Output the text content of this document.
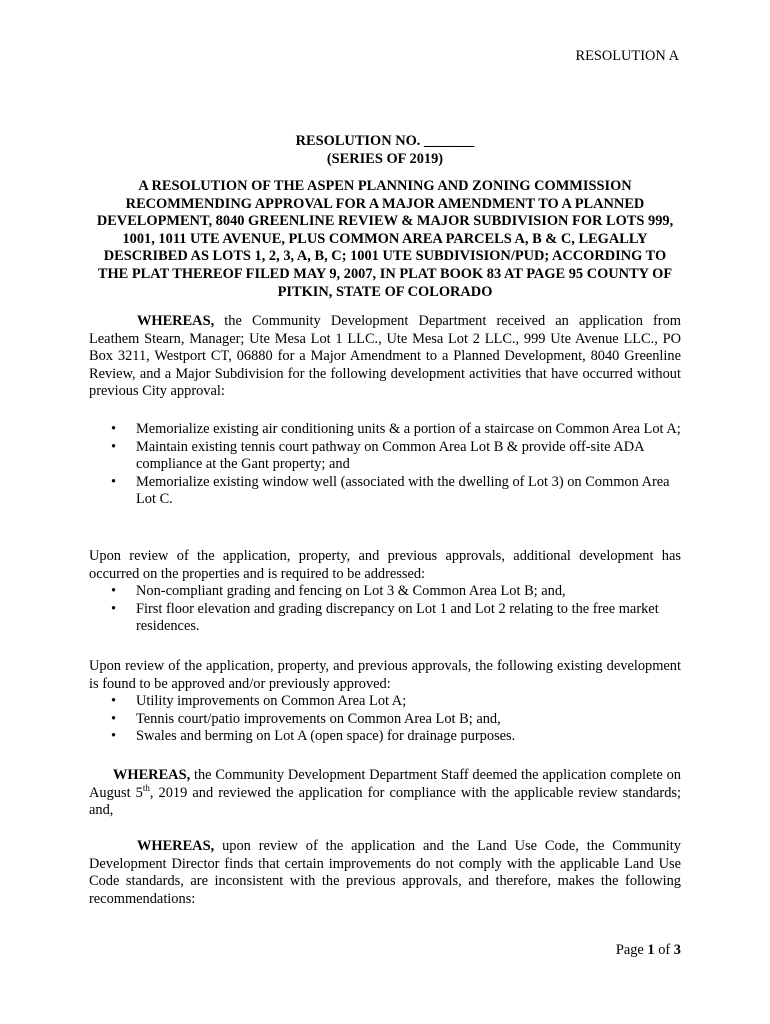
RESOLUTION A
RESOLUTION NO. _______
(SERIES OF 2019)
A RESOLUTION OF THE ASPEN PLANNING AND ZONING COMMISSION RECOMMENDING APPROVAL FOR A MAJOR AMENDMENT TO A PLANNED DEVELOPMENT, 8040 GREENLINE REVIEW & MAJOR SUBDIVISION FOR LOTS 999, 1001, 1011 UTE AVENUE, PLUS COMMON AREA PARCELS A, B & C, LEGALLY DESCRIBED AS LOTS 1, 2, 3, A, B, C; 1001 UTE SUBDIVISION/PUD; ACCORDING TO THE PLAT THEREOF FILED MAY 9, 2007, IN PLAT BOOK 83 AT PAGE 95 COUNTY OF PITKIN, STATE OF COLORADO
WHEREAS, the Community Development Department received an application from Leathem Stearn, Manager; Ute Mesa Lot 1 LLC., Ute Mesa Lot 2 LLC., 999 Ute Avenue LLC., PO Box 3211, Westport CT, 06880 for a Major Amendment to a Planned Development, 8040 Greenline Review, and a Major Subdivision for the following development activities that have occurred without previous City approval:
• Memorialize existing air conditioning units & a portion of a staircase on Common Area Lot A;
• Maintain existing tennis court pathway on Common Area Lot B & provide off-site ADA compliance at the Gant property; and
• Memorialize existing window well (associated with the dwelling of Lot 3) on Common Area Lot C.
Upon review of the application, property, and previous approvals, additional development has occurred on the properties and is required to be addressed:
• Non-compliant grading and fencing on Lot 3 & Common Area Lot B; and,
• First floor elevation and grading discrepancy on Lot 1 and Lot 2 relating to the free market residences.
Upon review of the application, property, and previous approvals, the following existing development is found to be approved and/or previously approved:
• Utility improvements on Common Area Lot A;
• Tennis court/patio improvements on Common Area Lot B; and,
• Swales and berming on Lot A (open space) for drainage purposes.
WHEREAS, the Community Development Department Staff deemed the application complete on August 5th, 2019 and reviewed the application for compliance with the applicable review standards; and,
WHEREAS, upon review of the application and the Land Use Code, the Community Development Director finds that certain improvements do not comply with the applicable Land Use Code standards, are inconsistent with the previous approvals, and therefore, makes the following recommendations:
Page 1 of 3
